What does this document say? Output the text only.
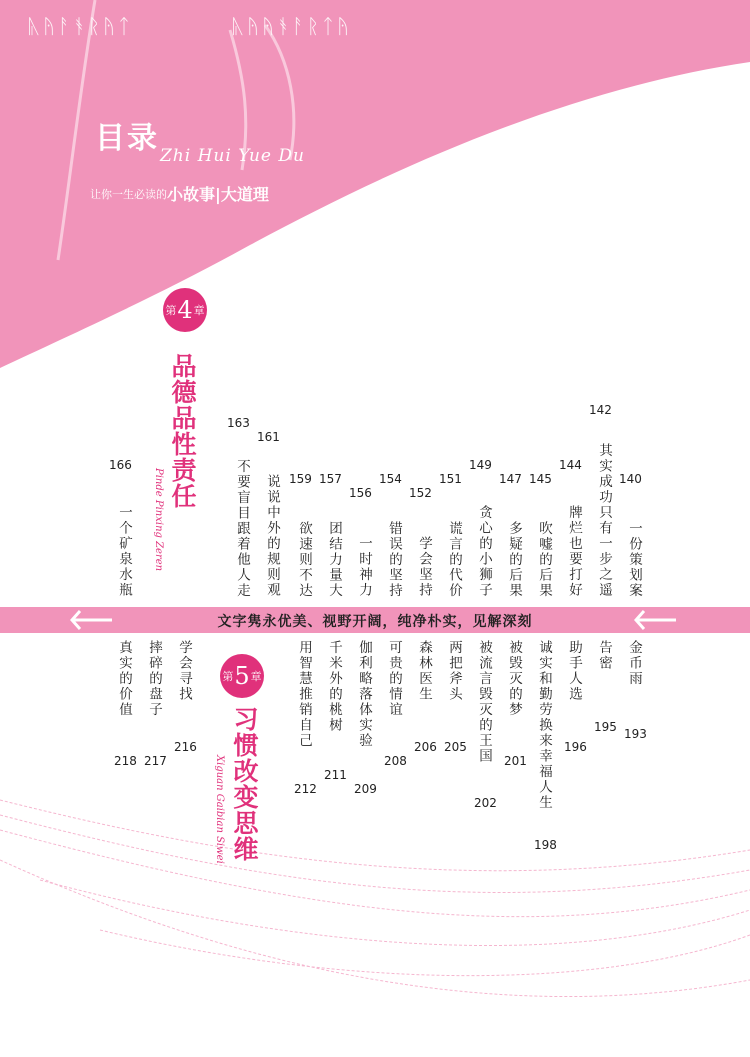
ᚣᚤᚨᚬᚱᚤᛏ	ᚣᚤᚤᚬᚨᚱᛏᚤ
目录 Zhi Hui Yue Du
让你一生必读的 小故事|大道理
第 4 章
品德品性责任
Pinde Pinxing Zeren	140
一份策划案
142
其实成功只有一步之遥
144
牌烂也要打好
145
吹嘘的后果
147
多疑的后果
149
贪心的小狮子
151
谎言的代价
152
学会坚持
154
错误的坚持
156
一时神力
157
团结力量大
159
欲速则不达
161
说说中外的规则观
163
不要盲目跟着他人走
166
一个矿泉水瓶
文字隽永优美、视野开阔，纯净朴实，见解深刻
第 5 章
习惯改变思维
Xiguan Gaibian Siwei
金币雨
193
告密
195
助手人选
196
诚实和勤劳换来幸福人生
198
被毁灭的梦
201
被流言毁灭的王国
202
两把斧头
205
森林医生
206
可贵的情谊
208
伽利略落体实验
209
千米外的桃树
211
用智慧推销自己
212
学会寻找
216
摔碎的盘子
217
真实的价值
218
